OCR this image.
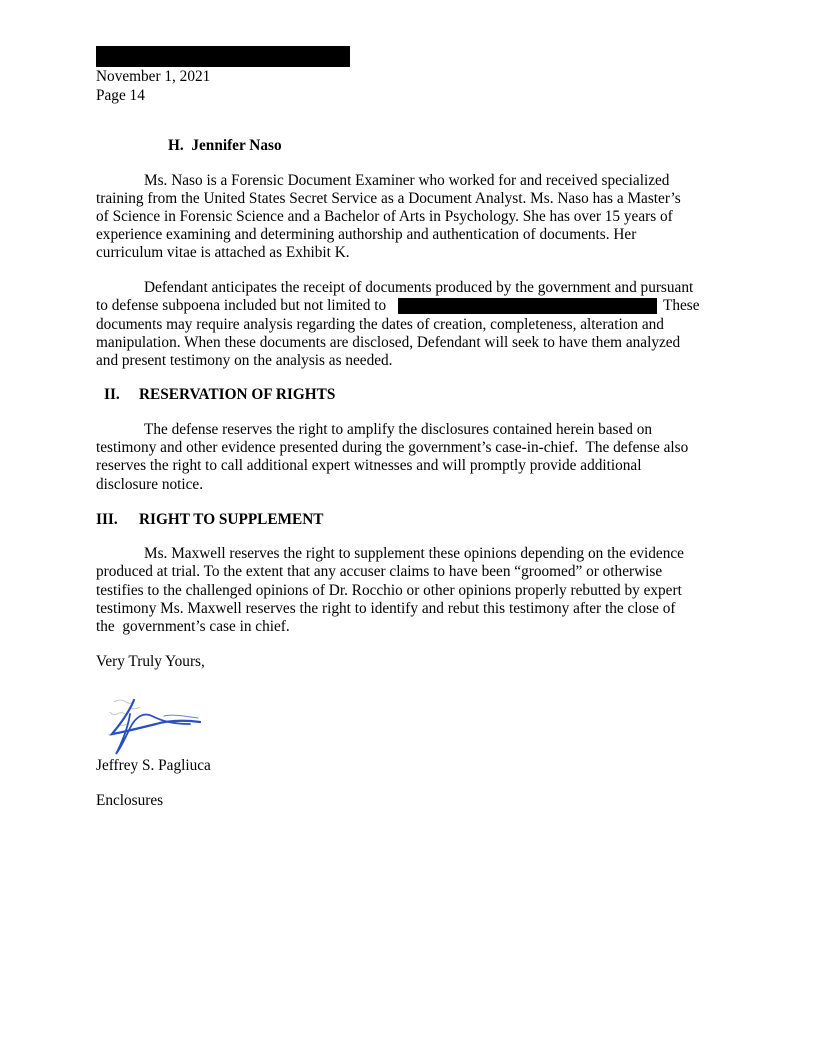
November 1, 2021
Page 14
H.  Jennifer Naso
Ms. Naso is a Forensic Document Examiner who worked for and received specialized
training from the United States Secret Service as a Document Analyst. Ms. Naso has a Master’s
of Science in Forensic Science and a Bachelor of Arts in Psychology. She has over 15 years of
experience examining and determining authorship and authentication of documents. Her
curriculum vitae is attached as Exhibit K.
Defendant anticipates the receipt of documents produced by the government and pursuant
to defense subpoena included but not limited to	These
documents may require analysis regarding the dates of creation, completeness, alteration and
manipulation. When these documents are disclosed, Defendant will seek to have them analyzed
and present testimony on the analysis as needed.
II. RESERVATION OF RIGHTS
The defense reserves the right to amplify the disclosures contained herein based on
testimony and other evidence presented during the government’s case-in-chief.  The defense also
reserves the right to call additional expert witnesses and will promptly provide additional
disclosure notice.
III. RIGHT TO SUPPLEMENT
Ms. Maxwell reserves the right to supplement these opinions depending on the evidence
produced at trial. To the extent that any accuser claims to have been “groomed” or otherwise
testifies to the challenged opinions of Dr. Rocchio or other opinions properly rebutted by expert
testimony Ms. Maxwell reserves the right to identify and rebut this testimony after the close of
the  government’s case in chief.
Very Truly Yours,
Jeffrey S. Pagliuca
Enclosures
